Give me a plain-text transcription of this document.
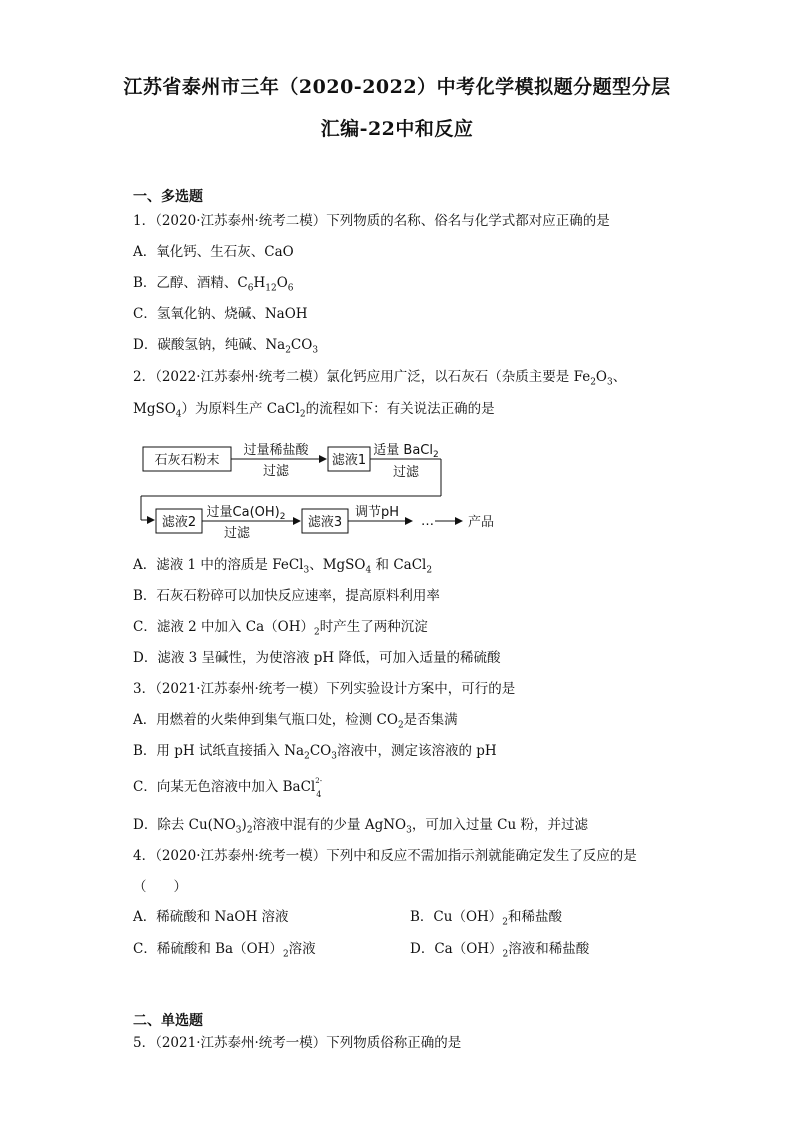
江苏省泰州市三年（2020-2022）中考化学模拟题分题型分层
汇编-22中和反应
一、多选题
1．（2020·江苏泰州·统考二模）下列物质的名称、俗名与化学式都对应正确的是
A．氧化钙、生石灰、CaO
B．乙醇、酒精、$C_6H_{12}O_6$
C．氢氧化钠、烧碱、NaOH
D．碳酸氢钠，纯碱、$Na_2CO_3$
2．（2022·江苏泰州·统考二模）氯化钙应用广泛，以石灰石（杂质主要是 $Fe_2O_3$、
MgSO$_4$）为原料生产 CaCl$_2$的流程如下：有关说法正确的是
石灰石粉末
过量稀盐酸
过滤
滤液1
适量 BaCl$_2$
过滤
滤液2
过量$Ca(OH)_2$
过滤
滤液3
调节pH
…	产品
A．滤液 1 中的溶质是 FeCl$_3$、MgSO$_4$ 和 CaCl$_2$
B．石灰石粉碎可以加快反应速率，提高原料利用率
C．滤液 2 中加入 $Ca(OH)_2$时产生了两种沉淀
D．滤液 3 呈碱性，为使溶液 pH 降低，可加入适量的稀硫酸
3．（2021·江苏泰州·统考一模）下列实验设计方案中，可行的是
A．用燃着的火柴伸到集气瓶口处，检测 $CO_2$是否集满
B．用 pH 试纸直接插入 $Na_2CO_3$溶液中，测定该溶液的 pH
C．向某无色溶液中加入 BaCl 2-
4
D．除去 $Cu(NO_3)_2$溶液中混有的少量 AgNO$_3$，可加入过量 Cu 粉，并过滤
4．（2020·江苏泰州·统考一模）下列中和反应不需加指示剂就能确定发生了反应的是
（　　）
A．稀硫酸和 NaOH 溶液	B．$Cu(OH)_2$和稀盐酸
C．稀硫酸和 $Ba(OH)_2$溶液	D．$Ca(OH)_2$溶液和稀盐酸
二、单选题
5．（2021·江苏泰州·统考一模）下列物质俗称正确的是
